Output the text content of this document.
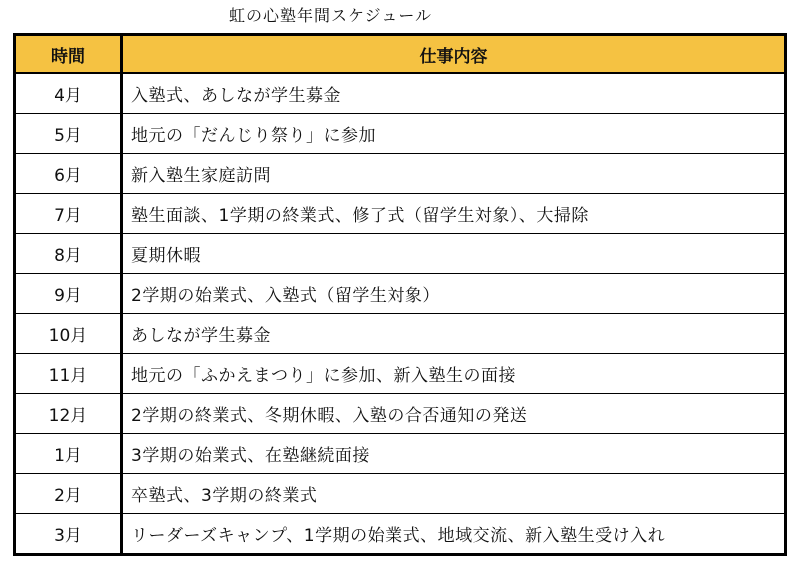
虹の心塾年間スケジュール
時間	仕事内容
4月	入塾式、あしなが学生募金
5月	地元の「だんじり祭り」に参加
6月	新入塾生家庭訪問
7月	塾生面談、1学期の終業式、修了式（留学生対象）、大掃除
8月	夏期休暇
9月	2学期の始業式、入塾式（留学生対象）
10月	あしなが学生募金
11月	地元の「ふかえまつり」に参加、新入塾生の面接
12月	2学期の終業式、冬期休暇、入塾の合否通知の発送
1月	3学期の始業式、在塾継続面接
2月	卒塾式、3学期の終業式
3月	リーダーズキャンプ、1学期の始業式、地域交流、新入塾生受け入れ
